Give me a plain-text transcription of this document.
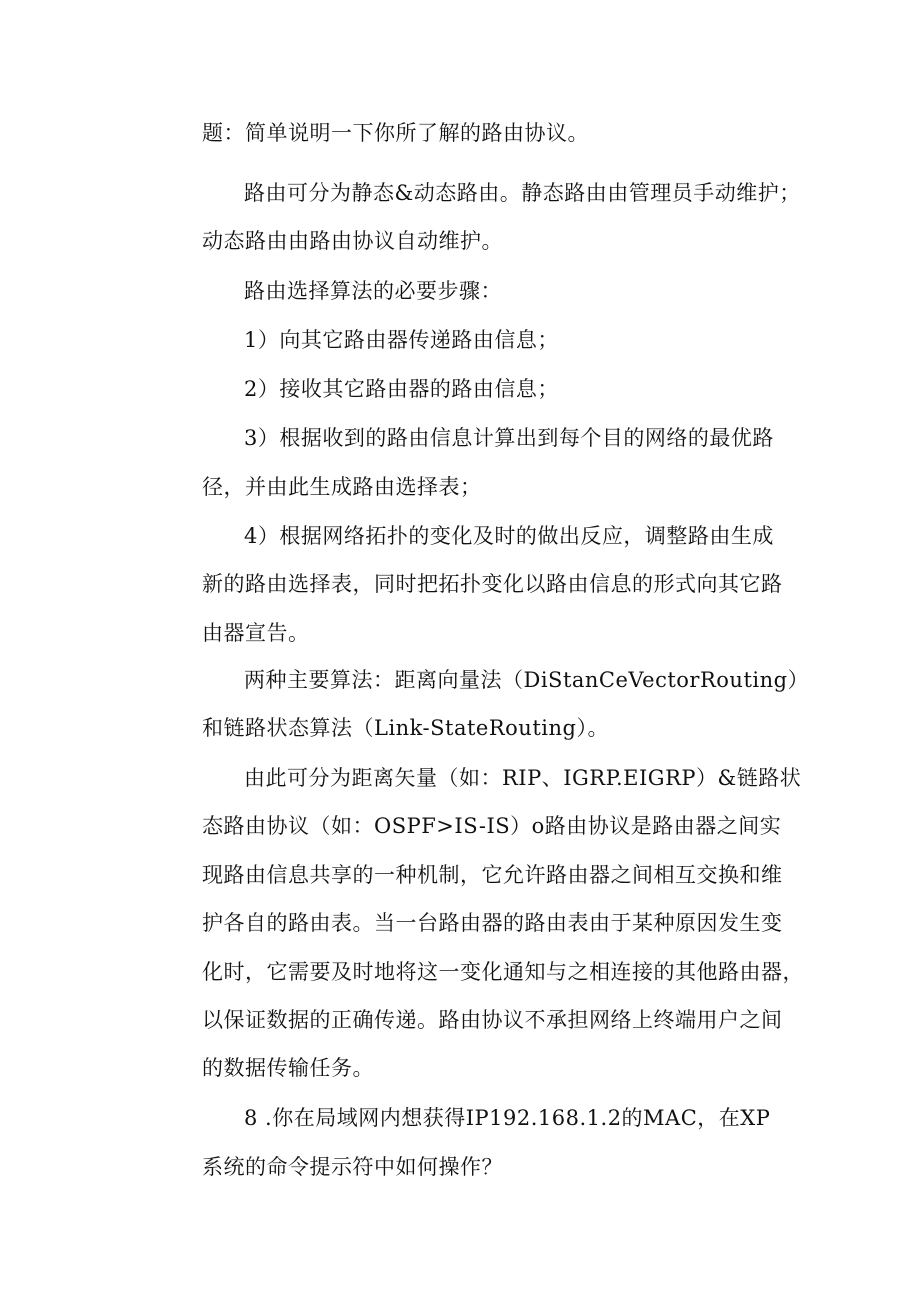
题：简单说明一下你所了解的路由协议。

路由可分为静态&动态路由。静态路由由管理员手动维护；

动态路由由路由协议自动维护。

路由选择算法的必要步骤：

1）向其它路由器传递路由信息；

2）接收其它路由器的路由信息；

3）根据收到的路由信息计算出到每个目的网络的最优路

径，并由此生成路由选择表；

4）根据网络拓扑的变化及时的做出反应，调整路由生成

新的路由选择表，同时把拓扑变化以路由信息的形式向其它路

由器宣告。

两种主要算法：距离向量法（DiStanCeVectorRouting）

和链路状态算法（Link-StateRouting）。

由此可分为距离矢量（如：RIP、IGRP.EIGRP）&链路状

态路由协议（如：OSPF>IS-IS）o路由协议是路由器之间实

现路由信息共享的一种机制，它允许路由器之间相互交换和维

护各自的路由表。当一台路由器的路由表由于某种原因发生变

化时，它需要及时地将这一变化通知与之相连接的其他路由器，

以保证数据的正确传递。路由协议不承担网络上终端用户之间

的数据传输任务。

8 .你在局域网内想获得IP192.168.1.2的MAC，在XP

系统的命令提示符中如何操作？
